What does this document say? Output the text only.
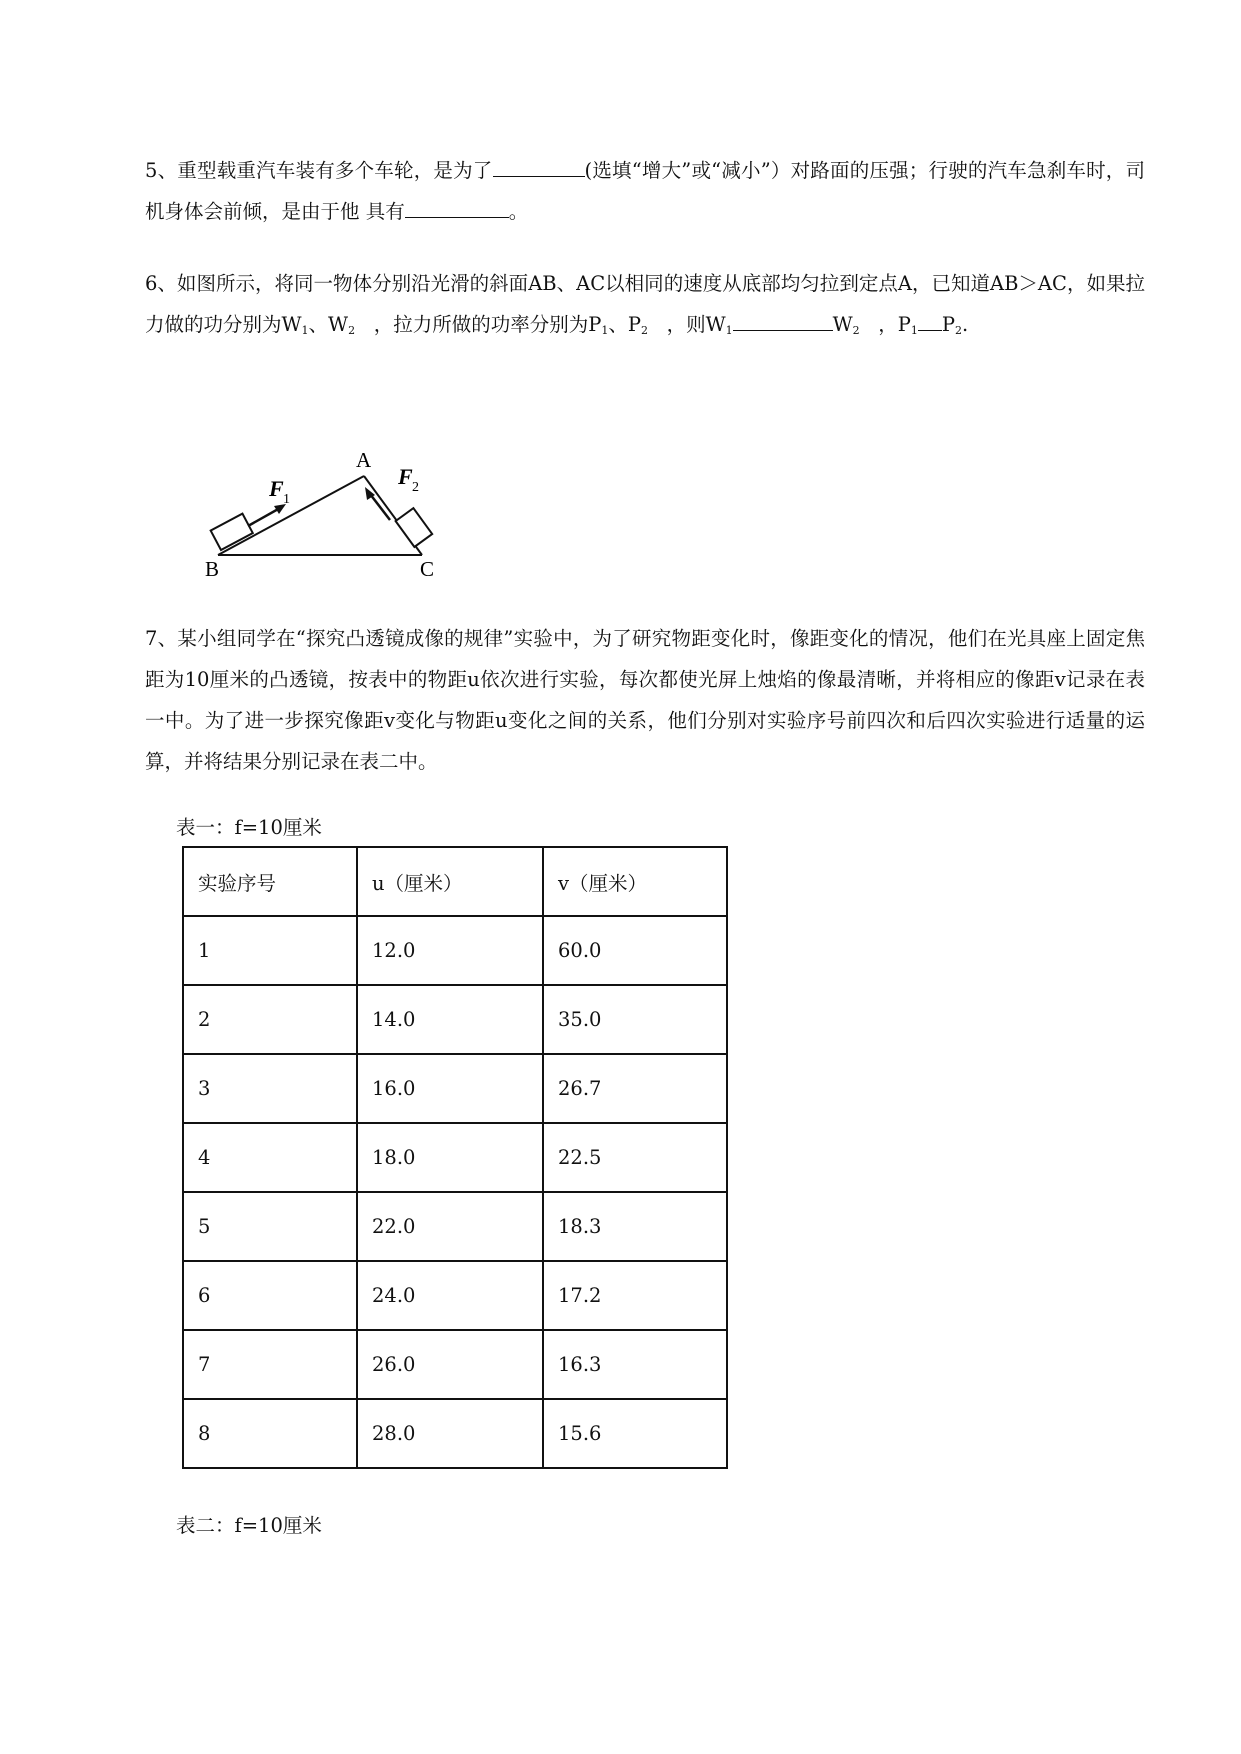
5、重型载重汽车装有多个车轮，是为了	(选填“增大”或“减小”）对路面的压强；行驶的汽车急刹车时，司机身体会前倾，是由于他 具有	。

6、如图所示，将同一物体分别沿光滑的斜面AB、AC以相同的速度从底部均匀拉到定点A，已知道AB＞AC，如果拉力做的功分别为$W_1$、$W_2$ ，拉力所做的功率分别为$P_1$、$P_2$ ，则$W_1$	$W_2$ ，$P_1$ $P_2$.

A
B	C
F 1
F 2

7、某小组同学在“探究凸透镜成像的规律”实验中，为了研究物距变化时，像距变化的情况，他们在光具座上固定焦距为10厘米的凸透镜，按表中的物距u依次进行实验，每次都使光屏上烛焰的像最清晰，并将相应的像距v记录在表一中。为了进一步探究像距v变化与物距u变化之间的关系，他们分别对实验序号前四次和后四次实验进行适量的运算，并将结果分别记录在表二中。

表一：f=10厘米
实验序号	u（厘米）	v（厘米）
1	12.0	60.0
2	14.0	35.0
3	16.0	26.7
4	18.0	22.5
5	22.0	18.3
6	24.0	17.2
7	26.0	16.3
8	28.0	15.6
表二：f=10厘米
